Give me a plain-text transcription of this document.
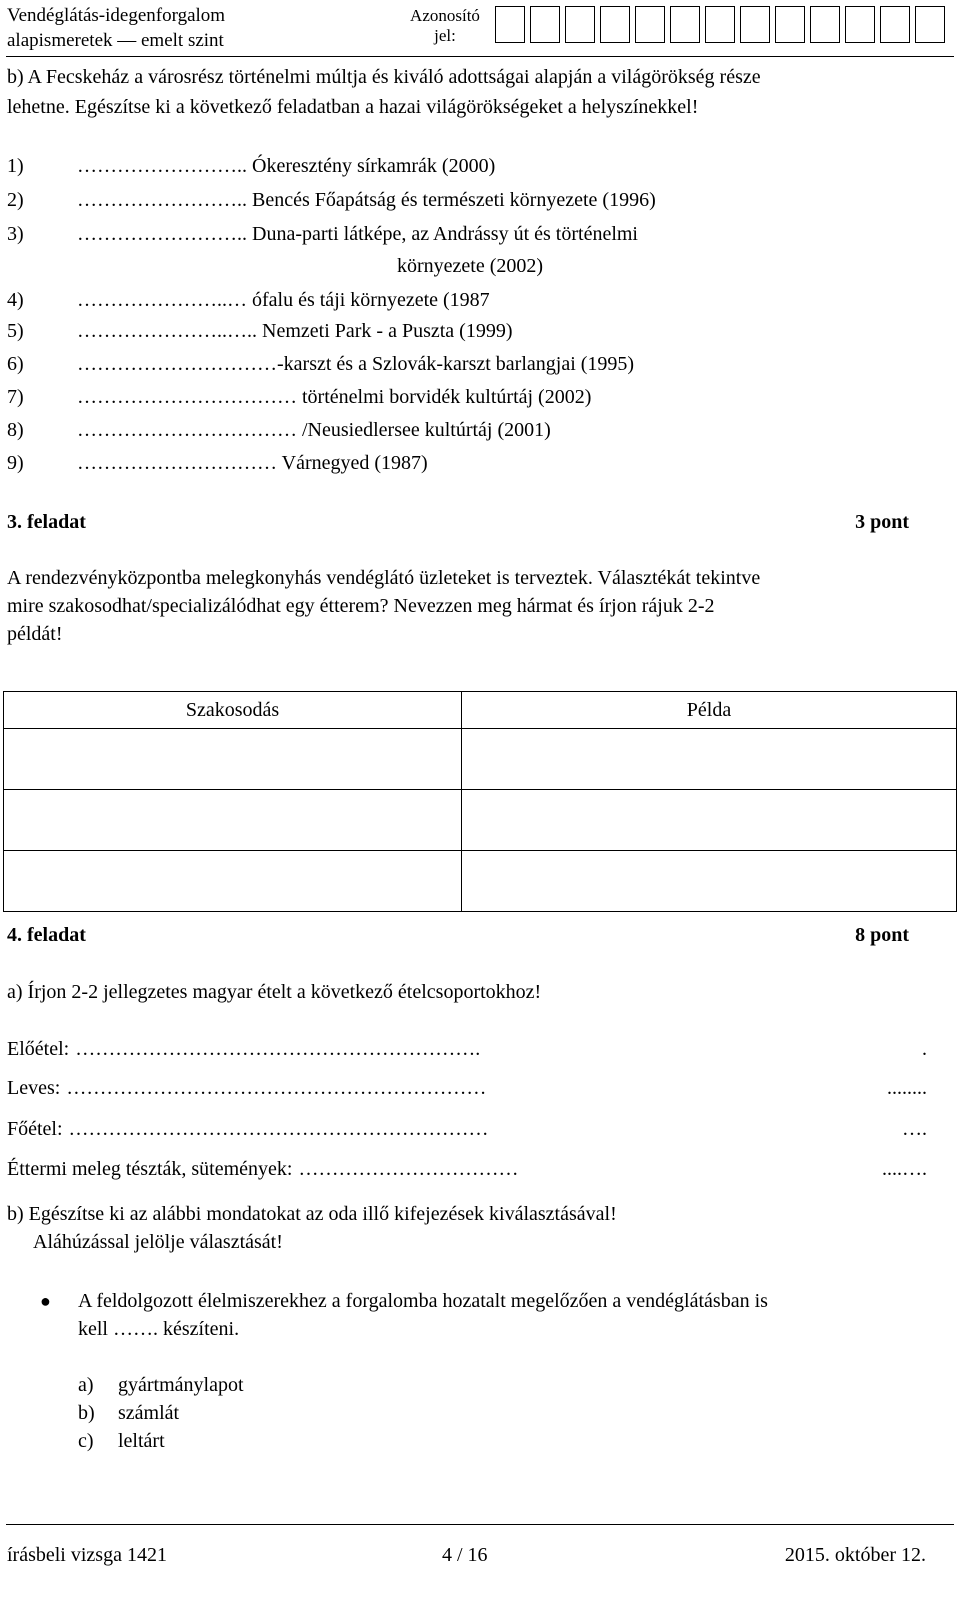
Vendéglátás-idegenforgalom
alapismeretek — emelt szint
Azonosító
jel:
b) A Fecskeház a városrész történelmi múltja és kiváló adottságai alapján a világörökség része
lehetne. Egészítse ki a következő feladatban a hazai világörökségeket a helyszínekkel!
1)	…………………….. Ókeresztény sírkamrák (2000)
2)	…………………….. Bencés Főapátság és természeti környezete (1996)
3)	…………………….. Duna-parti látképe, az Andrássy út és történelmi
környezete (2002)
4)	…………………..… ófalu és táji környezete (1987
5)	…………………..….. Nemzeti Park - a Puszta (1999)
6)	…………………………-karszt és a Szlovák-karszt barlangjai (1995)
7)	…………………………… történelmi borvidék kultúrtáj (2002)
8)	…………………………… /Neusiedlersee kultúrtáj (2001)
9)	………………………… Várnegyed (1987)
3. feladat	3 pont
A rendezvényközpontba melegkonyhás vendéglátó üzleteket is terveztek. Választékát tekintve
mire szakosodhat/specializálódhat egy étterem? Nevezzen meg hármat és írjon rájuk 2-2
példát!
Szakosodás	Példa

4. feladat	8 pont
a) Írjon 2-2 jellegzetes magyar ételt a következő ételcsoportokhoz!
Előétel: …………………………………………………….	.
Leves: ………………………………………………………	........
Főétel: ………………………………………………………	….
Éttermi meleg tészták, sütemények: ……………………………	....….
b) Egészítse ki az alábbi mondatokat az oda illő kifejezések kiválasztásával!
Aláhúzással jelölje választását!
● A feldolgozott élelmiszerekhez a forgalomba hozatalt megelőzően a vendéglátásban is
kell ……. készíteni.
a) gyártmánylapot
b) számlát
c) leltárt
írásbeli vizsga 1421	4 / 16	2015. október 12.
